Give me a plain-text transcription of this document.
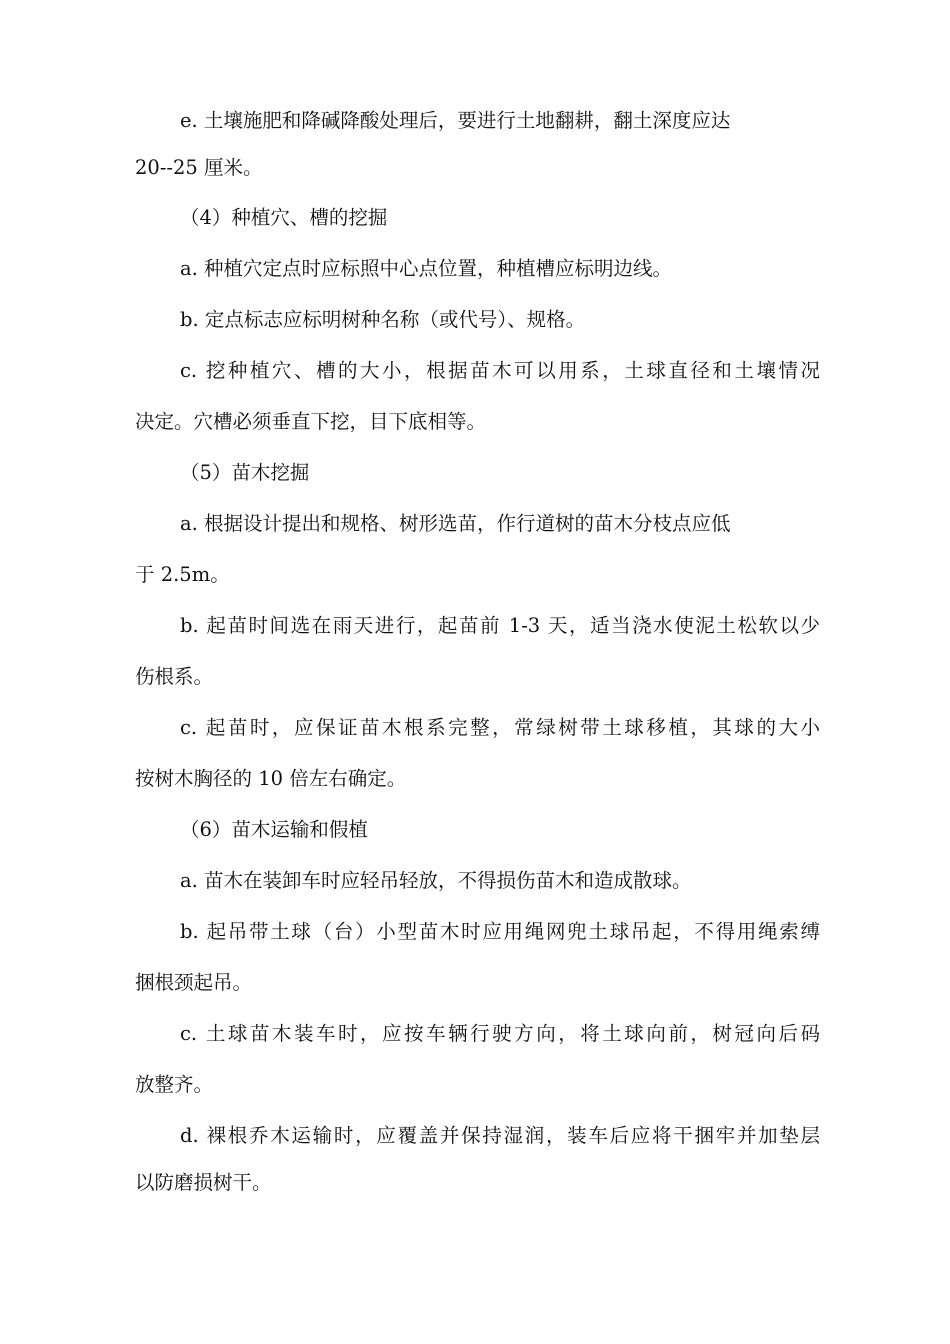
e. 土壤施肥和降碱降酸处理后，要进行土地翻耕，翻土深度应达
20--25 厘米。
（4）种植穴、槽的挖掘
a. 种植穴定点时应标照中心点位置，种植槽应标明边线。
b. 定点标志应标明树种名称（或代号）、规格。
c. 挖种植穴、槽的大小，根据苗木可以用系，土球直径和土壤情况
决定。穴槽必须垂直下挖，目下底相等。
（5）苗木挖掘
a. 根据设计提出和规格、树形选苗，作行道树的苗木分枝点应低
于 2.5m。
b. 起苗时间选在雨天进行，起苗前 1-3 天，适当浇水使泥土松软以少
伤根系。
c. 起苗时，应保证苗木根系完整，常绿树带土球移植，其球的大小
按树木胸径的 10 倍左右确定。
（6）苗木运输和假植
a. 苗木在装卸车时应轻吊轻放，不得损伤苗木和造成散球。
b. 起吊带土球（台）小型苗木时应用绳网兜土球吊起，不得用绳索缚
捆根颈起吊。
c. 土球苗木装车时，应按车辆行驶方向，将土球向前，树冠向后码
放整齐。
d. 裸根乔木运输时，应覆盖并保持湿润，装车后应将干捆牢并加垫层
以防磨损树干。
